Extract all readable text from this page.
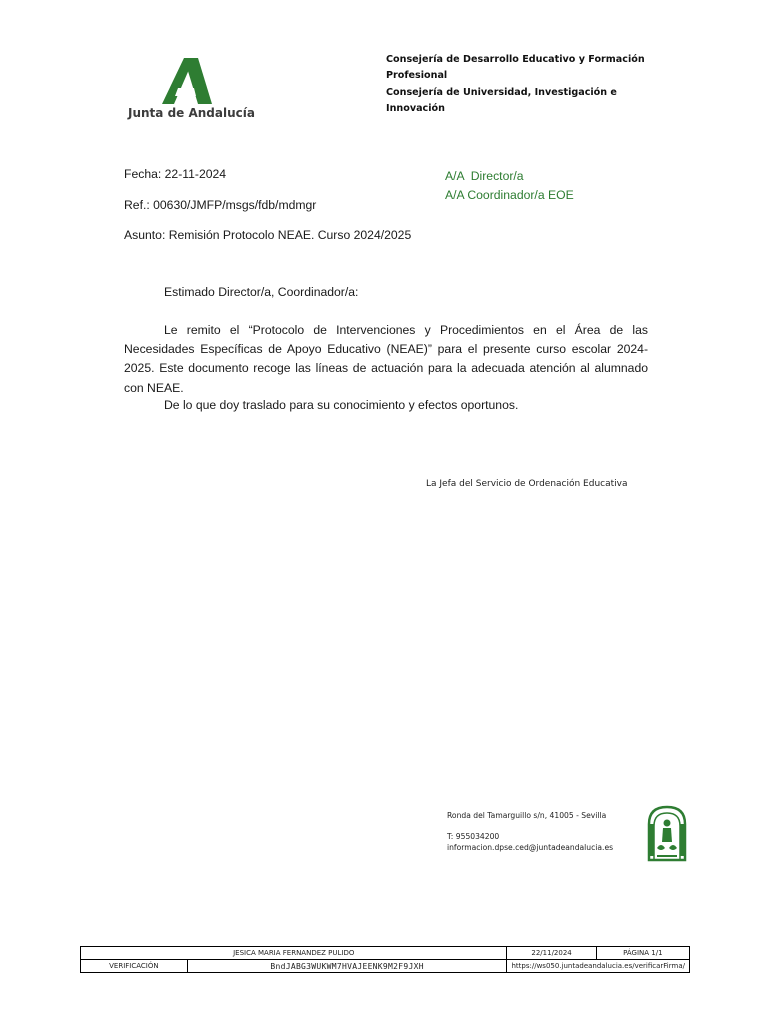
Junta de Andalucía

Consejería de Desarrollo Educativo y Formación Profesional

Consejería de Universidad, Investigación e Innovación

Fecha: 22-11-2024
Ref.: 00630/JMFP/msgs/fdb/mdmgr
Asunto: Remisión Protocolo NEAE. Curso 2024/2025
A/A  Director/a
A/A Coordinador/a EOE
Estimado Director/a, Coordinador/a:
Le remito el “Protocolo de Intervenciones y Procedimientos en el Área de las Necesidades Específicas de Apoyo Educativo (NEAE)” para el presente curso escolar 2024-2025. Este documento recoge las líneas de actuación para la adecuada atención al alumnado con NEAE.
De lo que doy traslado para su conocimiento y efectos oportunos.
La Jefa del Servicio de Ordenación Educativa
Ronda del Tamarguillo s/n, 41005 - Sevilla
T: 955034200
informacion.dpse.ced@juntadeandalucia.es
JESICA MARIA FERNANDEZ PULIDO		22/11/2024	PÁGINA 1/1
VERIFICACIÓN	BndJABG3WUKWM7HVAJEENK9M2F9JXH	https://ws050.juntadeandalucia.es/verificarFirma/	
